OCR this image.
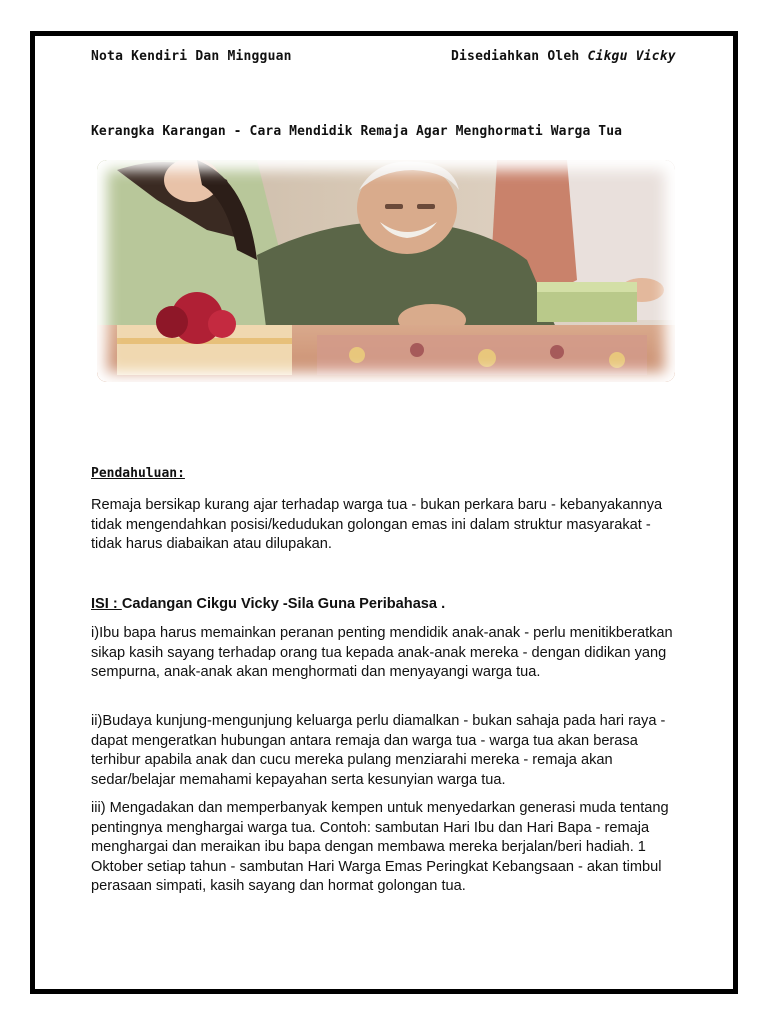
Nota Kendiri Dan Mingguan	Disediahkan Oleh Cikgu Vicky
Kerangka Karangan - Cara Mendidik Remaja Agar Menghormati Warga Tua
Pendahuluan:

Remaja bersikap kurang ajar terhadap warga tua - bukan perkara baru - kebanyakannya tidak mengendahkan posisi/kedudukan golongan emas ini dalam struktur masyarakat - tidak harus diabaikan atau dilupakan.

ISI : Cadangan Cikgu Vicky -Sila Guna Peribahasa .

i)Ibu bapa harus memainkan peranan penting mendidik anak-anak - perlu menitikberatkan sikap kasih sayang terhadap orang tua kepada anak-anak mereka - dengan didikan yang sempurna, anak-anak akan menghormati dan menyayangi warga tua.

ii)Budaya kunjung-mengunjung keluarga perlu diamalkan - bukan sahaja pada hari raya - dapat mengeratkan hubungan antara remaja dan warga tua - warga tua akan berasa terhibur apabila anak dan cucu mereka pulang menziarahi mereka - remaja akan sedar/belajar memahami kepayahan serta kesunyian warga tua.

iii) Mengadakan dan memperbanyak kempen untuk menyedarkan generasi muda tentang pentingnya menghargai warga tua. Contoh: sambutan Hari Ibu dan Hari Bapa - remaja menghargai dan meraikan ibu bapa dengan membawa mereka berjalan/beri hadiah. 1 Oktober setiap tahun - sambutan Hari Warga Emas Peringkat Kebangsaan - akan timbul perasaan simpati, kasih sayang dan hormat golongan tua.
